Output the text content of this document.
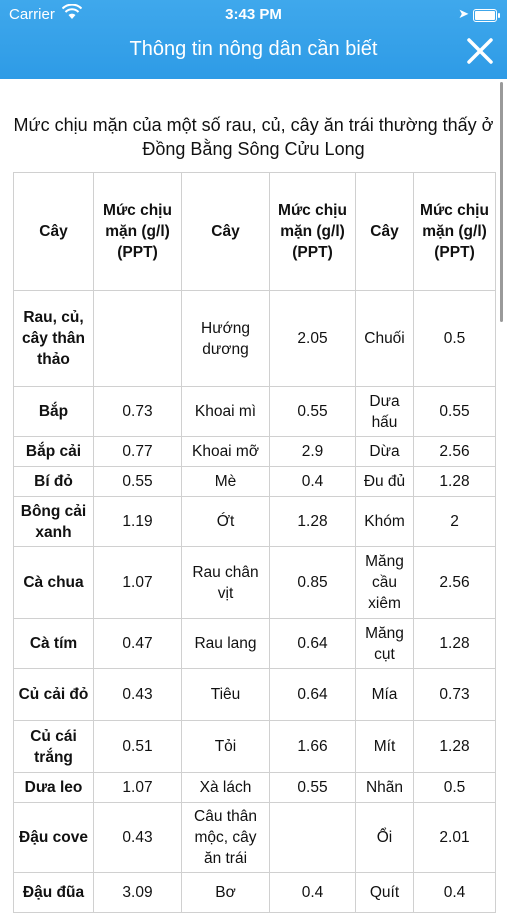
Carrier	3:43 PM	➤
Thông tin nông dân cần biết
Mức chịu mặn của một số rau, củ, cây ăn trái thường thấy ở Đồng Bằng Sông Cửu Long
Cây	Mức chịu mặn (g/l) (PPT)	Cây	Mức chịu mặn (g/l) (PPT)	Cây	Mức chịu mặn (g/l) (PPT)
Rau, củ, cây thân thảo		Hướng dương	2.05	Chuối	0.5
Bắp	0.73	Khoai mì	0.55	Dưa hấu	0.55
Bắp cải	0.77	Khoai mỡ	2.9	Dừa	2.56
Bí đỏ	0.55	Mè	0.4	Đu đủ	1.28
Bông cải xanh	1.19	Ớt	1.28	Khóm	2
Cà chua	1.07	Rau chân vịt	0.85	Măng cầu xiêm	2.56
Cà tím	0.47	Rau lang	0.64	Măng cụt	1.28
Củ cải đỏ	0.43	Tiêu	0.64	Mía	0.73
Củ cái trắng	0.51	Tỏi	1.66	Mít	1.28
Dưa leo	1.07	Xà lách	0.55	Nhãn	0.5
Đậu cove	0.43	Câu thân mộc, cây ăn trái		Ổi	2.01
Đậu đũa	3.09	Bơ	0.4	Quít	0.4
